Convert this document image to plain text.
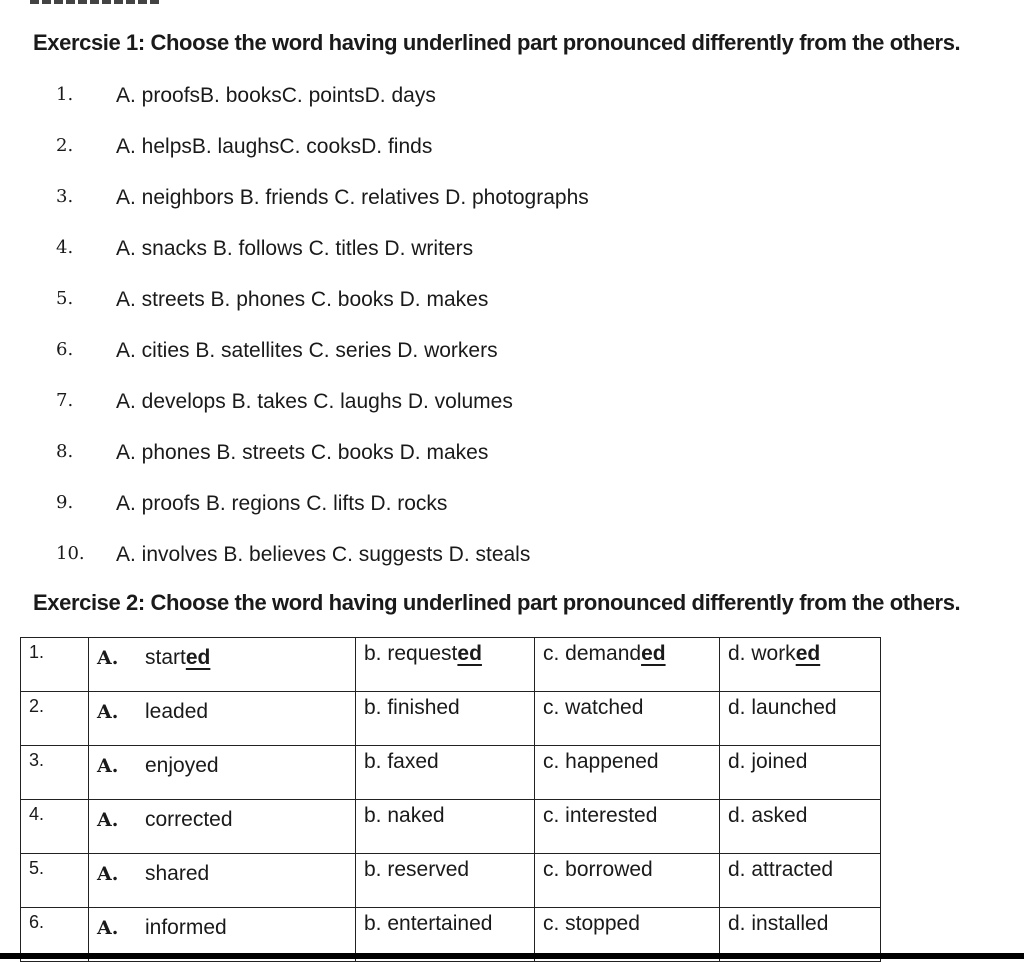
Exercsie 1: Choose the word having underlined part pronounced differently from the others.
1. A. proofsB. booksC. pointsD. days
2. A. helpsB. laughsC. cooksD. finds
3. A. neighbors B. friends C. relatives D. photographs
4. A. snacks B. follows C. titles D. writers
5. A. streets B. phones C. books D. makes
6. A. cities B. satellites C. series D. workers
7. A. develops B. takes C. laughs D. volumes
8. A. phones B. streets C. books D. makes
9. A. proofs B. regions C. lifts D. rocks
10. A. involves B. believes C. suggests D. steals
Exercise 2: Choose the word having underlined part pronounced differently from the others.
1.	A. started	b. requested	c. demanded	d. worked
2.	A. leaded	b. finished	c. watched	d. launched
3.	A. enjoyed	b. faxed	c. happened	d. joined
4.	A. corrected	b. naked	c. interested	d. asked
5.	A. shared	b. reserved	c. borrowed	d. attracted
6.	A. informed	b. entertained	c. stopped	d. installed
